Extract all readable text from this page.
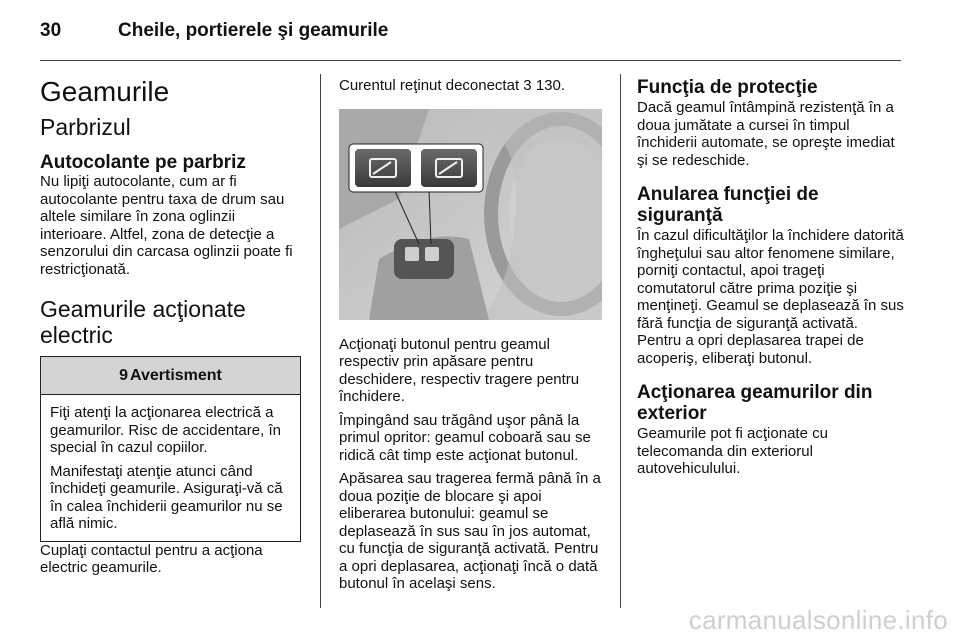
30	Cheile, portierele şi geamurile
Geamurile
Parbrizul
Autocolante pe parbriz

Nu lipiţi autocolante, cum ar fi autocolante pentru taxa de drum sau altele similare în zona oglinzii interioare. Altfel, zona de detecţie a senzorului din carcasa oglinzii poate fi restricţionată.

Geamurile acţionate
electric
9 Avertisment

Fiţi atenţi la acţionarea electrică a geamurilor. Risc de accidentare, în special în cazul copiilor.

Manifestaţi atenţie atunci când închideţi geamurile. Asiguraţi-vă că în calea închiderii geamurilor nu se află nimic.

Cuplaţi contactul pentru a acţiona electric geamurile.

Curentul reţinut deconectat 3 130.

Acţionaţi butonul pentru geamul respectiv prin apăsare pentru deschidere, respectiv tragere pentru închidere.

Împingând sau trăgând uşor până la primul opritor: geamul coboară sau se ridică cât timp este acţionat butonul.

Apăsarea sau tragerea fermă până în a doua poziţie de blocare şi apoi eliberarea butonului: geamul se deplasează în sus sau în jos automat, cu funcţia de siguranţă activată. Pentru a opri deplasarea, acţionaţi încă o dată butonul în acelaşi sens.

Funcţia de protecţie

Dacă geamul întâmpină rezistenţă în a doua jumătate a cursei în timpul închiderii automate, se opreşte imediat şi se redeschide.

Anularea funcţiei de siguranţă

În cazul dificultăţilor la închidere datorită îngheţului sau altor fenomene similare, porniţi contactul, apoi trageţi comutatorul către prima poziţie şi menţineţi. Geamul se deplasează în sus fără funcţia de siguranţă activată. Pentru a opri deplasarea trapei de acoperiş, eliberaţi butonul.

Acţionarea geamurilor din
exterior

Geamurile pot fi acţionate cu telecomanda din exteriorul autovehiculului.

carmanualsonline.info
